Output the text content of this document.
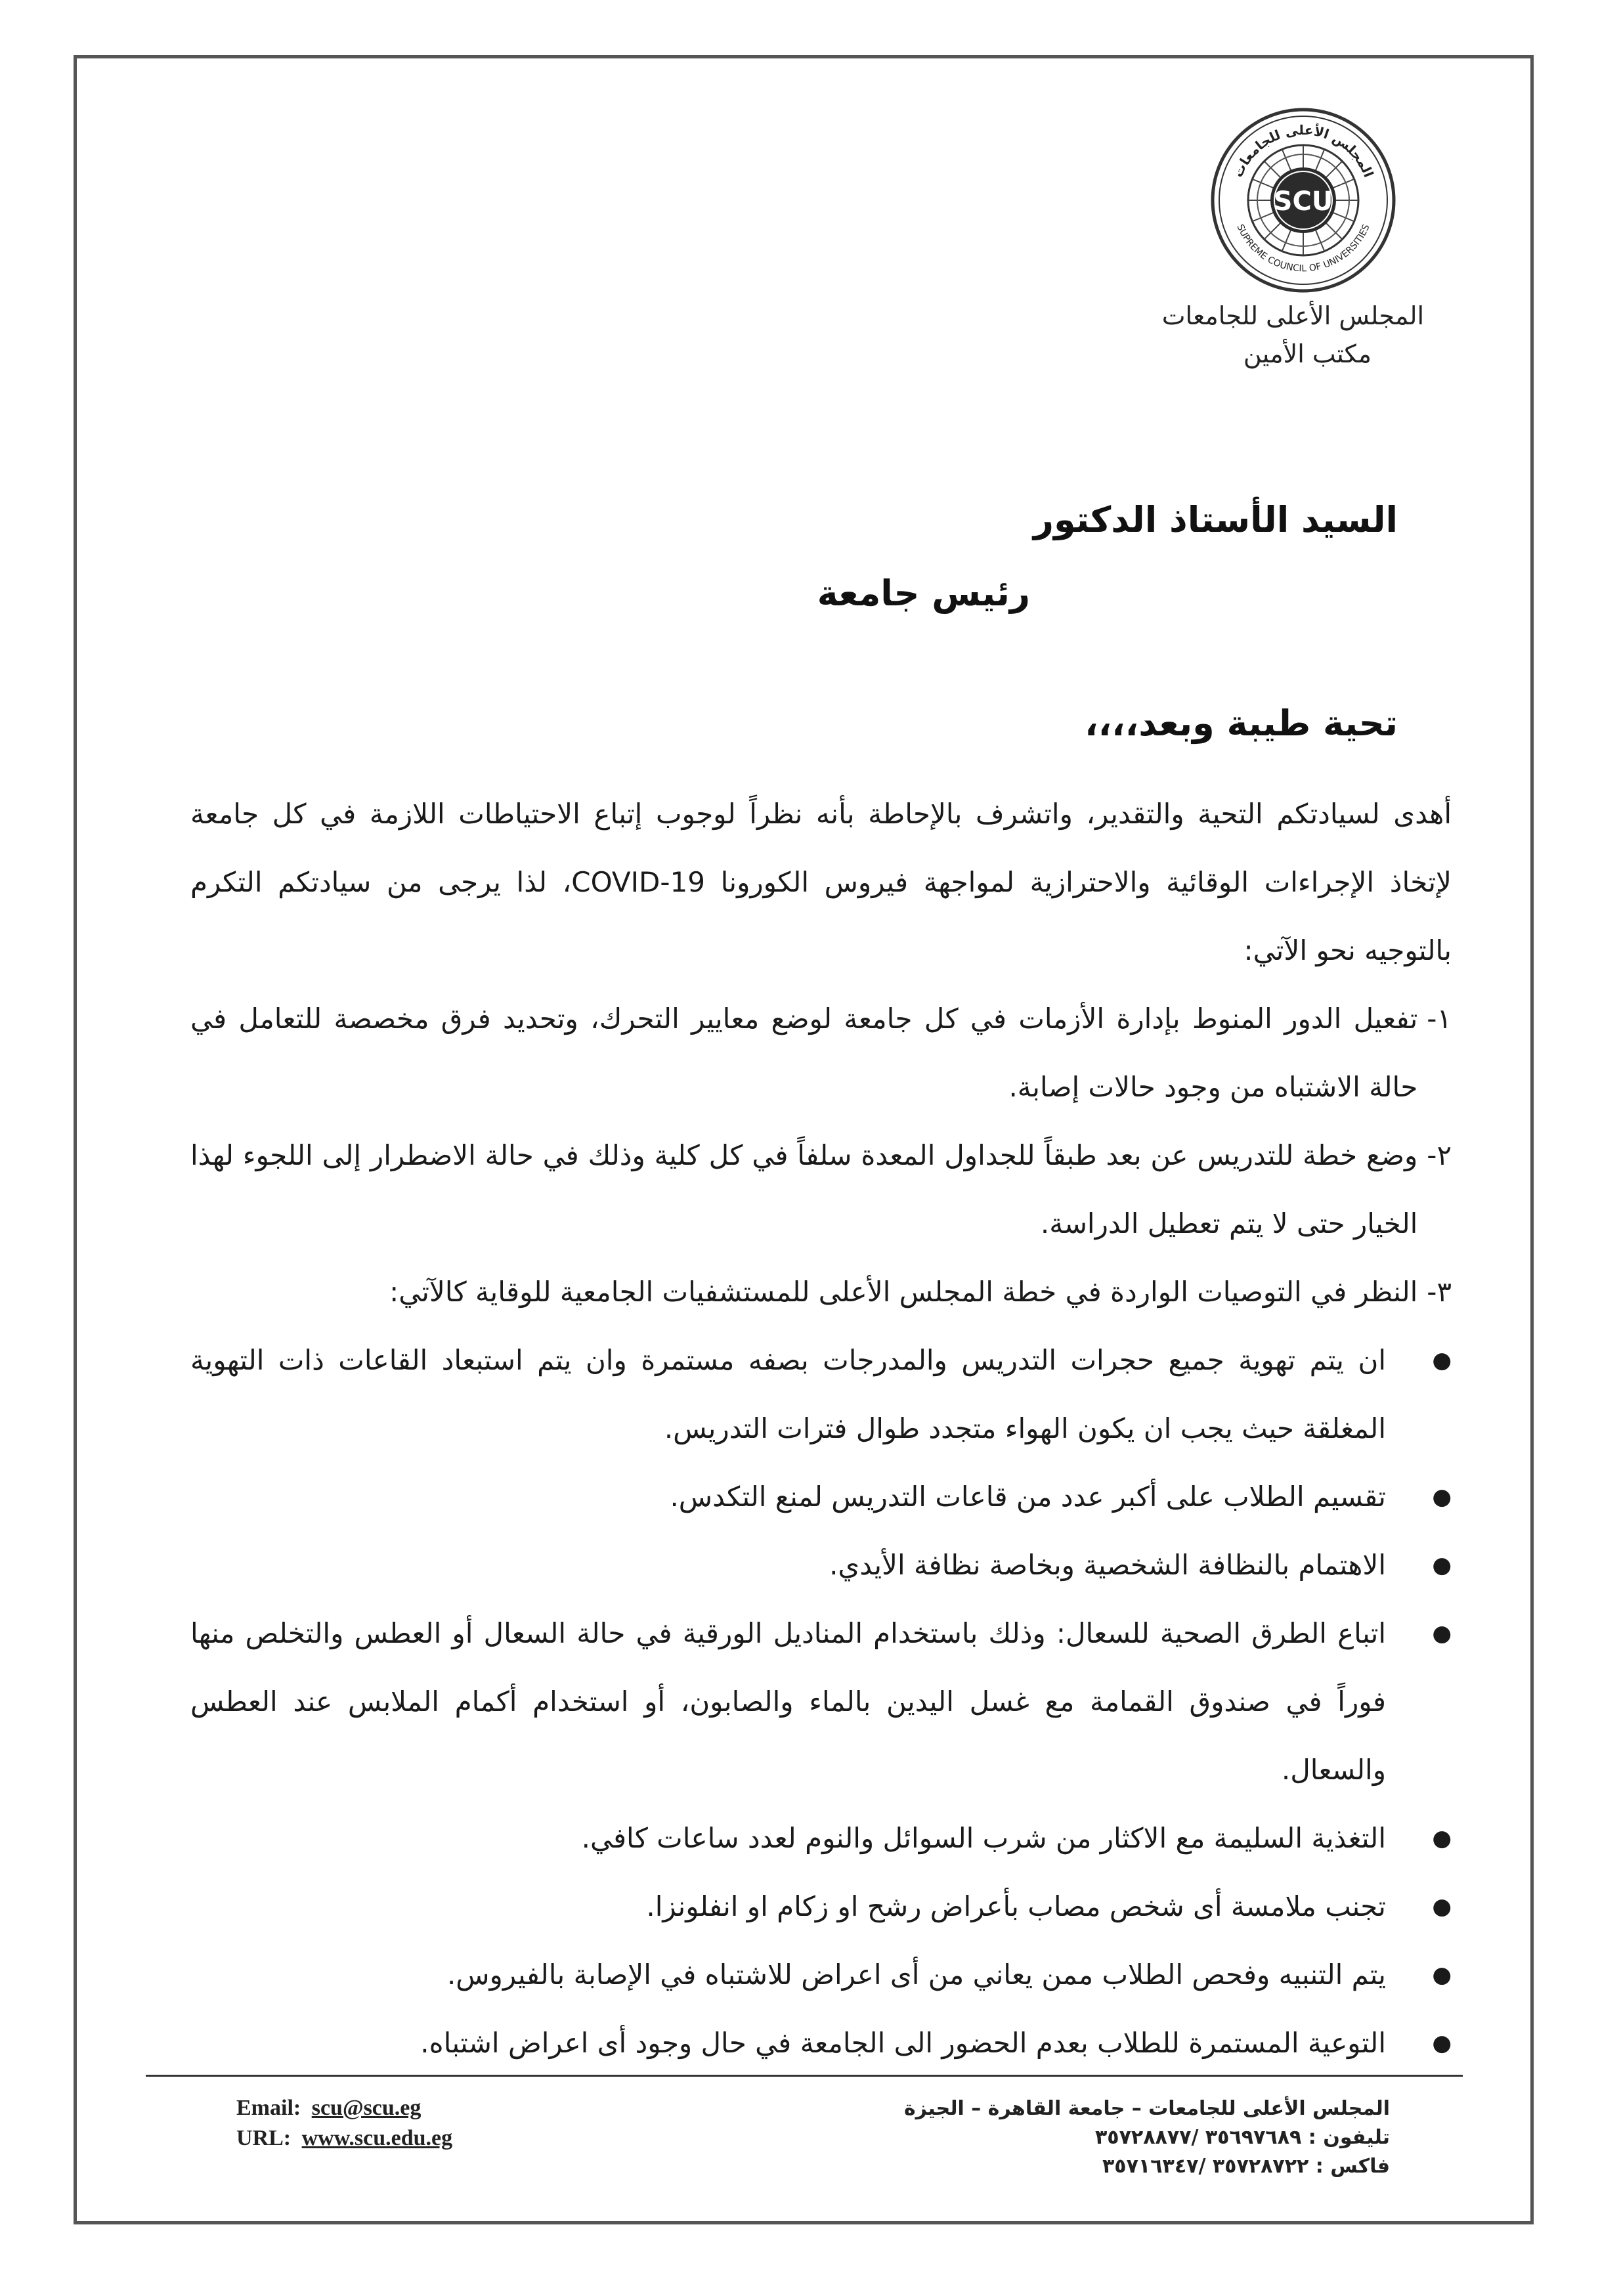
SCU
المجلس الأعلى للجامعات
SUPREME COUNCIL OF UNIVERSITIES
المجلس الأعلى للجامعات
مكتب الأمين
السيد الأستاذ الدكتور
رئيس جامعة
تحية طيبة وبعد،،،،

أهدى لسيادتكم التحية والتقدير، واتشرف بالإحاطة بأنه نظراً لوجوب إتباع الاحتياطات اللازمة في كل جامعة لإتخاذ الإجراءات الوقائية والاحترازية لمواجهة فيروس الكورونا COVID-19، لذا يرجى من سيادتكم التكرم بالتوجيه نحو الآتي:

١-
تفعيل الدور المنوط بإدارة الأزمات في كل جامعة لوضع معايير التحرك، وتحديد فرق مخصصة للتعامل في حالة الاشتباه من وجود حالات إصابة.
٢-
وضع خطة للتدريس عن بعد طبقاً للجداول المعدة سلفاً في كل كلية وذلك في حالة الاضطرار إلى اللجوء لهذا الخيار حتى لا يتم تعطيل الدراسة.
٣-
النظر في التوصيات الواردة في خطة المجلس الأعلى للمستشفيات الجامعية للوقاية كالآتي:
●
ان يتم تهوية جميع حجرات التدريس والمدرجات بصفه مستمرة وان يتم استبعاد القاعات ذات التهوية المغلقة حيث يجب ان يكون الهواء متجدد طوال فترات التدريس.
●
تقسيم الطلاب على أكبر عدد من قاعات التدريس لمنع التكدس.
●
الاهتمام بالنظافة الشخصية وبخاصة نظافة الأيدي.
●
اتباع الطرق الصحية للسعال: وذلك باستخدام المناديل الورقية في حالة السعال أو العطس والتخلص منها فوراً في صندوق القمامة مع غسل اليدين بالماء والصابون، أو استخدام أكمام الملابس عند العطس والسعال.
●
التغذية السليمة مع الاكثار من شرب السوائل والنوم لعدد ساعات كافي.
●
تجنب ملامسة أى شخص مصاب بأعراض رشح او زكام او انفلونزا.
●
يتم التنبيه وفحص الطلاب ممن يعاني من أى اعراض للاشتباه في الإصابة بالفيروس.
●
التوعية المستمرة للطلاب بعدم الحضور الى الجامعة في حال وجود أى اعراض اشتباه.
Email: scu@scu.eg
URL: www.scu.edu.eg
المجلس الأعلى للجامعات – جامعة القاهرة – الجيزة
تليفون : ٣٥٦٩٧٦٨٩ /٣٥٧٢٨٨٧٧
فاكس : ٣٥٧٢٨٧٢٢ /٣٥٧١٦٣٤٧
